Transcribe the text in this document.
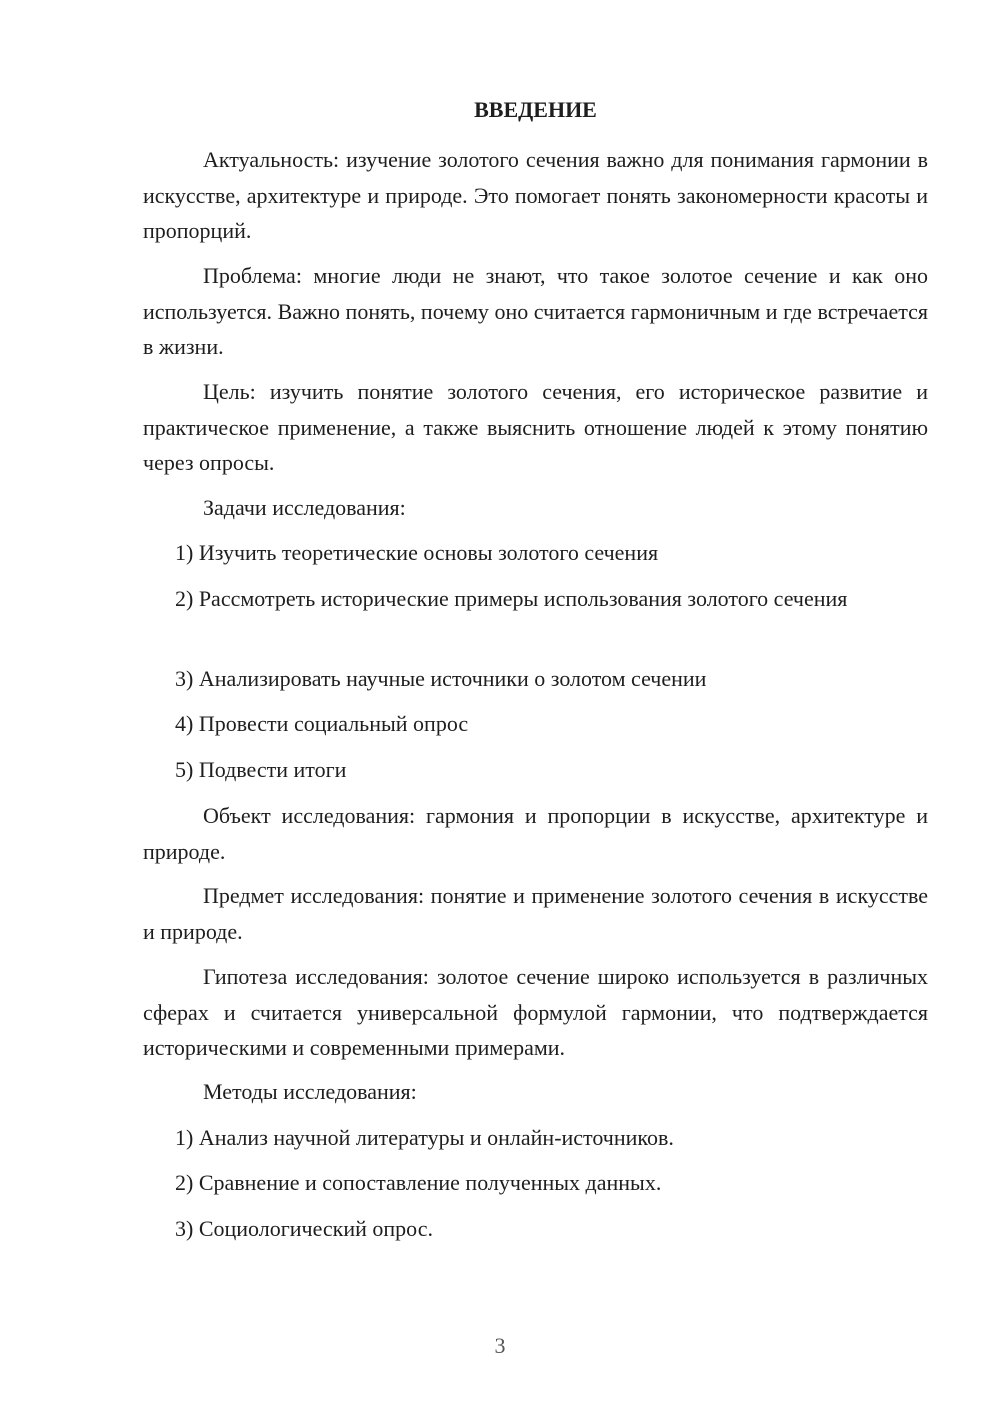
ВВЕДЕНИЕ

Актуальность: изучение золотого сечения важно для понимания гармонии в искусстве, архитектуре и природе. Это помогает понять закономерности красоты и пропорций.

Проблема: многие люди не знают, что такое золотое сечение и как оно используется. Важно понять, почему оно считается гармоничным и где встречается в жизни.

Цель: изучить понятие золотого сечения, его историческое развитие и практическое применение, а также выяснить отношение людей к этому понятию через опросы.

Задачи исследования:

1) Изучить теоретические основы золотого сечения

2) Рассмотреть исторические примеры использования золотого сечения

3) Анализировать научные источники о золотом сечении

4) Провести социальный опрос

5) Подвести итоги

Объект исследования: гармония и пропорции в искусстве, архитектуре и природе.

Предмет исследования: понятие и применение золотого сечения в искусстве и природе.

Гипотеза исследования: золотое сечение широко используется в различных сферах и считается универсальной формулой гармонии, что подтверждается историческими и современными примерами.

Методы исследования:

1) Анализ научной литературы и онлайн-источников.

2) Сравнение и сопоставление полученных данных.

3) Социологический опрос.

3
